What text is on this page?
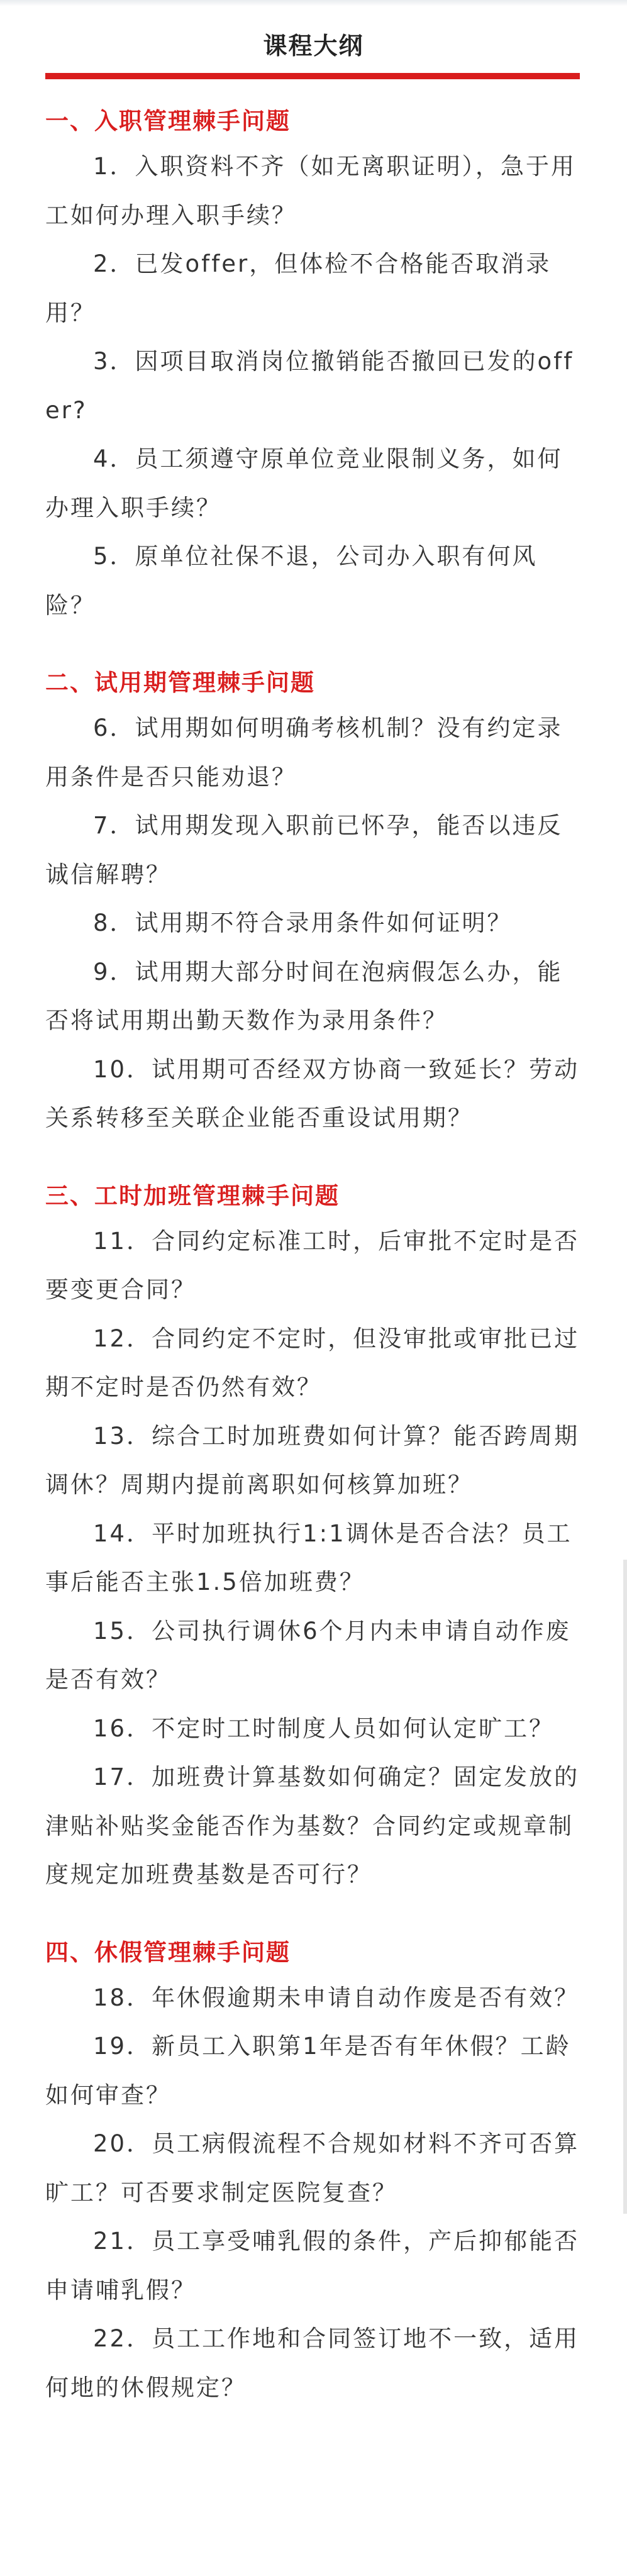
课程大纲
一、入职管理棘手问题
1．入职资料不齐（如无离职证明），急于用工如何办理入职手续？
2．已发offer，但体检不合格能否取消录用？
3．因项目取消岗位撤销能否撤回已发的offer?
4．员工须遵守原单位竞业限制义务，如何办理入职手续？
5．原单位社保不退，公司办入职有何风险？
二、试用期管理棘手问题
6．试用期如何明确考核机制？没有约定录用条件是否只能劝退？
7．试用期发现入职前已怀孕，能否以违反诚信解聘？
8．试用期不符合录用条件如何证明？
9．试用期大部分时间在泡病假怎么办，能否将试用期出勤天数作为录用条件？
10．试用期可否经双方协商一致延长？劳动关系转移至关联企业能否重设试用期？
三、工时加班管理棘手问题
11．合同约定标准工时，后审批不定时是否要变更合同？
12．合同约定不定时，但没审批或审批已过期不定时是否仍然有效？
13．综合工时加班费如何计算？能否跨周期调休？周期内提前离职如何核算加班？
14．平时加班执行1:1调休是否合法？员工事后能否主张1.5倍加班费？
15．公司执行调休6个月内未申请自动作废是否有效？
16．不定时工时制度人员如何认定旷工？
17．加班费计算基数如何确定？固定发放的津贴补贴奖金能否作为基数？合同约定或规章制度规定加班费基数是否可行？
四、休假管理棘手问题
18．年休假逾期未申请自动作废是否有效？
19．新员工入职第1年是否有年休假？工龄如何审查？
20．员工病假流程不合规如材料不齐可否算旷工？可否要求制定医院复查？
21．员工享受哺乳假的条件，产后抑郁能否申请哺乳假？
22．员工工作地和合同签订地不一致，适用何地的休假规定？
